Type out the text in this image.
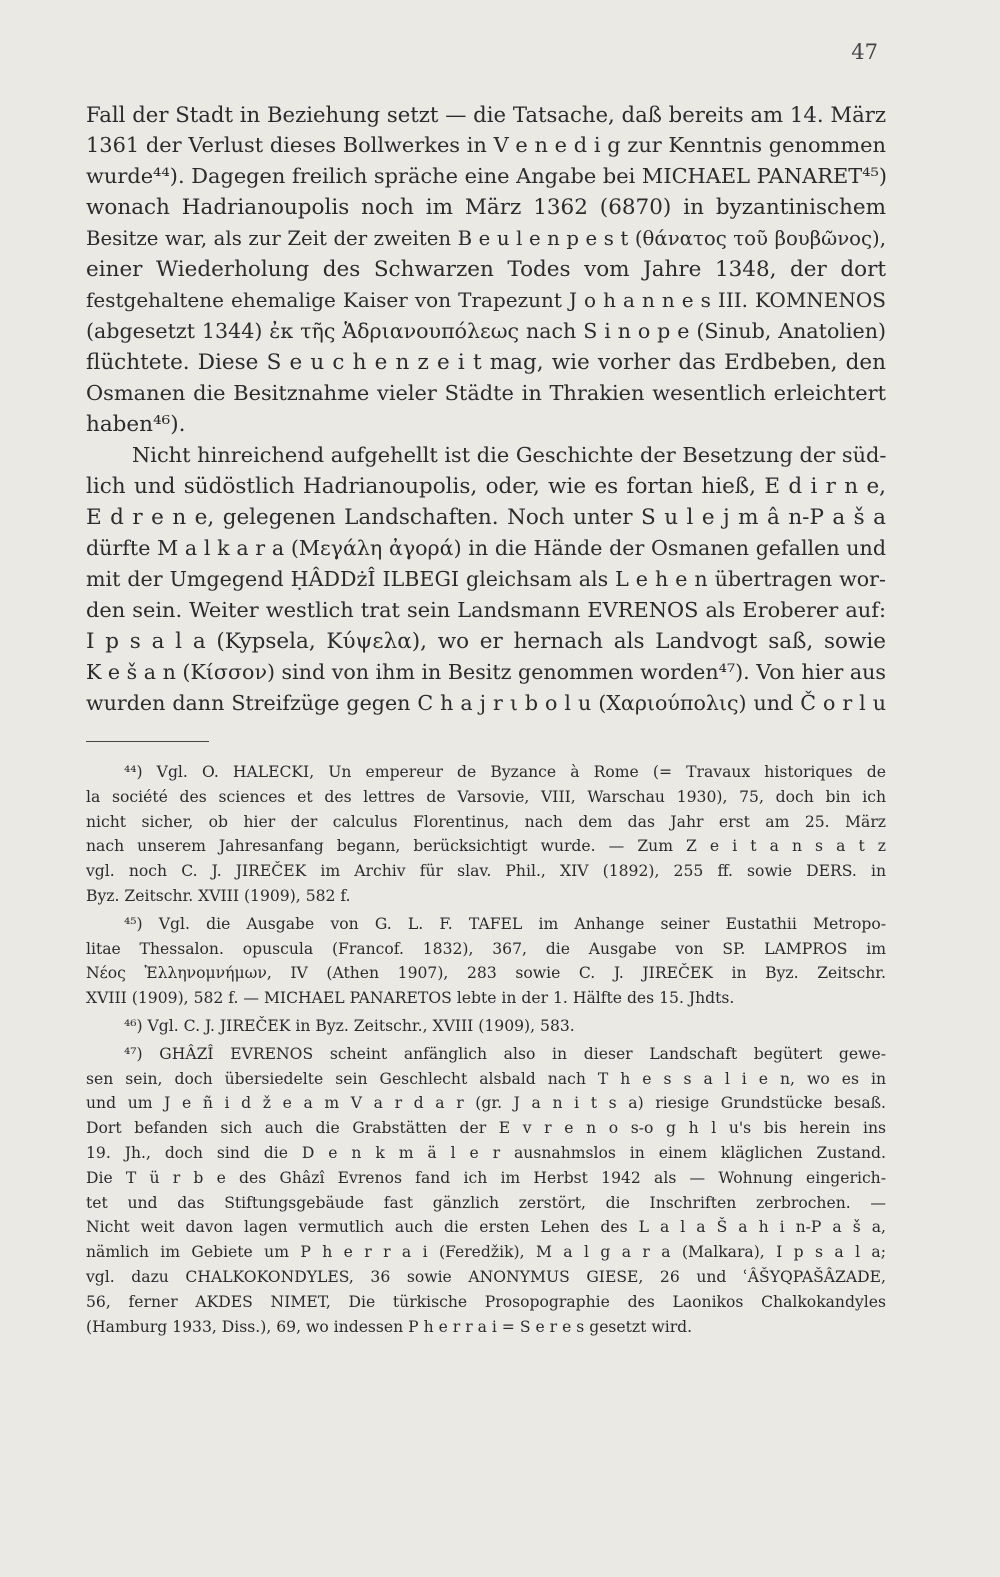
47
Fall der Stadt in Beziehung setzt — die Tatsache, daß bereits am 14. März
1361 der Verlust dieses Bollwerkes in V e n e d i g zur Kenntnis genommen
wurde⁴⁴). Dagegen freilich spräche eine Angabe bei MICHAEL PANARET⁴⁵)
wonach Hadrianoupolis noch im März 1362 (6870) in byzantinischem
Besitze war, als zur Zeit der zweiten B e u l e n p e s t (θάνατος τοῦ βουβῶνος),
einer Wiederholung des Schwarzen Todes vom Jahre 1348, der dort
festgehaltene ehemalige Kaiser von Trapezunt J o h a n n e s III. KOMNENOS
(abgesetzt 1344) ἐκ τῆς Ἁδριανουπόλεως nach S i n o p e (Sinub, Anatolien)
flüchtete. Diese S e u c h e n z e i t mag, wie vorher das Erdbeben, den
Osmanen die Besitznahme vieler Städte in Thrakien wesentlich erleichtert
haben⁴⁶).
Nicht hinreichend aufgehellt ist die Geschichte der Besetzung der süd-
lich und südöstlich Hadrianoupolis, oder, wie es fortan hieß, E d i r n e,
E d r e n e, gelegenen Landschaften. Noch unter S u l e j m â n-P a š a
dürfte M a l k a r a (Μεγάλη ἀγορά) in die Hände der Osmanen gefallen und
mit der Umgegend ḤÂDDżÎ ILBEGI gleichsam als L e h e n übertragen wor-
den sein. Weiter westlich trat sein Landsmann EVRENOS als Eroberer auf:
I p s a l a (Kypsela, Κύψελα), wo er hernach als Landvogt saß, sowie
K e š a n (Κίσσον) sind von ihm in Besitz genommen worden⁴⁷). Von hier aus
wurden dann Streifzüge gegen C h a j r ι b o l u (Χαριούπολις) und Č o r l u
⁴⁴) Vgl. O. HALECKI, Un empereur de Byzance à Rome (= Travaux historiques de
la société des sciences et des lettres de Varsovie, VIII, Warschau 1930), 75, doch bin ich
nicht sicher, ob hier der calculus Florentinus, nach dem das Jahr erst am 25. März
nach unserem Jahresanfang begann, berücksichtigt wurde. — Zum Z e i t a n s a t z
vgl. noch C. J. JIREČEK im Archiv für slav. Phil., XIV (1892), 255 ff. sowie DERS. in
Byz. Zeitschr. XVIII (1909), 582 f.
⁴⁵) Vgl. die Ausgabe von G. L. F. TAFEL im Anhange seiner Eustathii Metropo-
litae Thessalon. opuscula (Francof. 1832), 367, die Ausgabe von SP. LAMPROS im
Νέος Ἑλληνομνήμων, IV (Athen 1907), 283 sowie C. J. JIREČEK in Byz. Zeitschr.
XVIII (1909), 582 f. — MICHAEL PANARETOS lebte in der 1. Hälfte des 15. Jhdts.
⁴⁶) Vgl. C. J. JIREČEK in Byz. Zeitschr., XVIII (1909), 583.
⁴⁷) GHÂZÎ EVRENOS scheint anfänglich also in dieser Landschaft begütert gewe-
sen sein, doch übersiedelte sein Geschlecht alsbald nach T h e s s a l i e n, wo es in
und um J e ñ i d ž e a m V a r d a r (gr. J a n i t s a) riesige Grundstücke besaß.
Dort befanden sich auch die Grabstätten der E v r e n o s-o g h l u's bis herein ins
19. Jh., doch sind die D e n k m ä l e r ausnahmslos in einem kläglichen Zustand.
Die T ü r b e des Ghâzî Evrenos fand ich im Herbst 1942 als — Wohnung eingerich-
tet und das Stiftungsgebäude fast gänzlich zerstört, die Inschriften zerbrochen. —
Nicht weit davon lagen vermutlich auch die ersten Lehen des L a l a Š a h i n-P a š a,
nämlich im Gebiete um P h e r r a i (Feredžik), M a l g a r a (Malkara), I p s a l a;
vgl. dazu CHALKOKONDYLES, 36 sowie ANONYMUS GIESE, 26 und ʿÂŠYQPAŠÂZADE,
56, ferner AKDES NIMET, Die türkische Prosopographie des Laonikos Chalkokandyles
(Hamburg 1933, Diss.), 69, wo indessen P h e r r a i = S e r e s gesetzt wird.
